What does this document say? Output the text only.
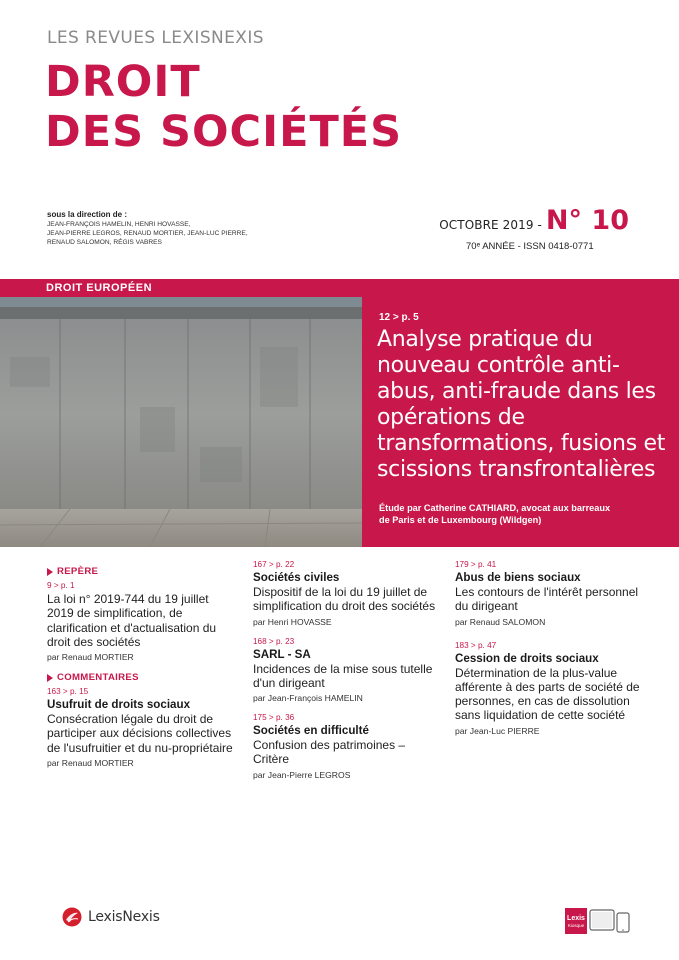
LES REVUES LEXISNEXIS
DROIT
DES SOCIÉTÉS
sous la direction de :
JEAN-FRANÇOIS HAMELIN, HENRI HOVASSE,
JEAN-PIERRE LEGROS, RENAUD MORTIER, JEAN-LUC PIERRE,
RENAUD SALOMON, RÉGIS VABRES
OCTOBRE 2019 - N° 10
70ᵉ ANNÉE - ISSN 0418-0771
DROIT EUROPÉEN
12 > p. 5
Analyse pratique du nouveau contrôle anti-abus, anti-fraude dans les opérations de transformations, fusions et scissions transfrontalières
Étude par Catherine CATHIARD, avocat aux barreaux
de Paris et de Luxembourg (Wildgen)
REPÈRE
9 > p. 1
La loi n° 2019-744 du 19 juillet 2019 de simplification, de clarification et d'actualisation du droit des sociétés
par Renaud MORTIER
COMMENTAIRES
163 > p. 15
Usufruit de droits sociaux
Consécration légale du droit de participer aux décisions collectives de l'usufruitier et du nu-propriétaire
par Renaud MORTIER
167 > p. 22
Sociétés civiles
Dispositif de la loi du 19 juillet de simplification du droit des sociétés
par Henri HOVASSE
168 > p. 23
SARL - SA
Incidences de la mise sous tutelle d'un dirigeant
par Jean-François HAMELIN
175 > p. 36
Sociétés en difficulté
Confusion des patrimoines – Critère
par Jean-Pierre LEGROS
179 > p. 41
Abus de biens sociaux
Les contours de l'intérêt personnel du dirigeant
par Renaud SALOMON
183 > p. 47
Cession de droits sociaux
Détermination de la plus-value afférente à des parts de société de personnes, en cas de dissolution sans liquidation de cette société
par Jean-Luc PIERRE
LexisNexis	Lexis
Kiosque
